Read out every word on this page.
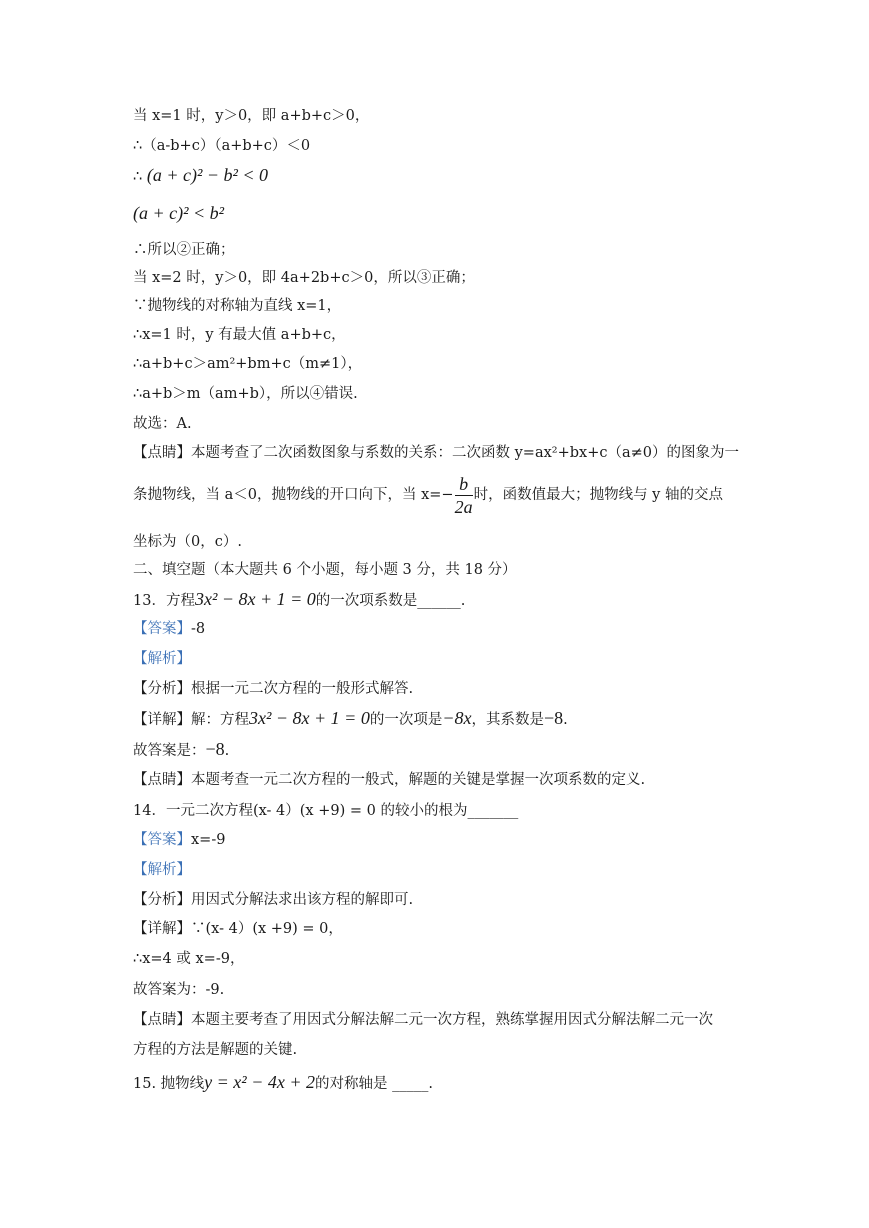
当 x=1 时，y＞0，即 a+b+c＞0，
∴（a-b+c）（a+b+c）＜0
∴ (a + c)² − b² < 0
(a + c)² < b²
∴所以②正确；
当 x=2 时，y＞0，即 4a+2b+c＞0，所以③正确；
∵抛物线的对称轴为直线 x=1，
∴x=1 时，y 有最大值 a+b+c，
∴a+b+c＞am²+bm+c（m≠1），
∴a+b＞m（am+b），所以④错误.
故选：A.
【点睛】本题考查了二次函数图象与系数的关系：二次函数 y=ax²+bx+c（a≠0）的图象为一
条抛物线，当 a＜0，抛物线的开口向下，当 $x=- \frac{b}{2a}$ 时，函数值最大；抛物线与 y 轴的交点
坐标为（0，c）.
二、填空题（本大题共 6 个小题，每小题 3 分，共 18 分）
13．方程3x² − 8x + 1 = 0的一次项系数是______.
【答案】-8
【解析】
【分析】根据一元二次方程的一般形式解答.
【详解】解：方程3x² − 8x + 1 = 0的一次项是−8x，其系数是−8.
故答案是：−8.
【点睛】本题考查一元二次方程的一般式，解题的关键是掌握一次项系数的定义.
14．一元二次方程(x- 4）(x +9) = 0 的较小的根为_______
【答案】x=-9
【解析】
【分析】用因式分解法求出该方程的解即可.
【详解】∵(x- 4）(x +9) = 0，
∴x=4 或 x=-9，
故答案为：-9.
【点睛】本题主要考查了用因式分解法解二元一次方程，熟练掌握用因式分解法解二元一次
方程的方法是解题的关键.
15. 抛物线y = x² − 4x + 2的对称轴是 _____.
